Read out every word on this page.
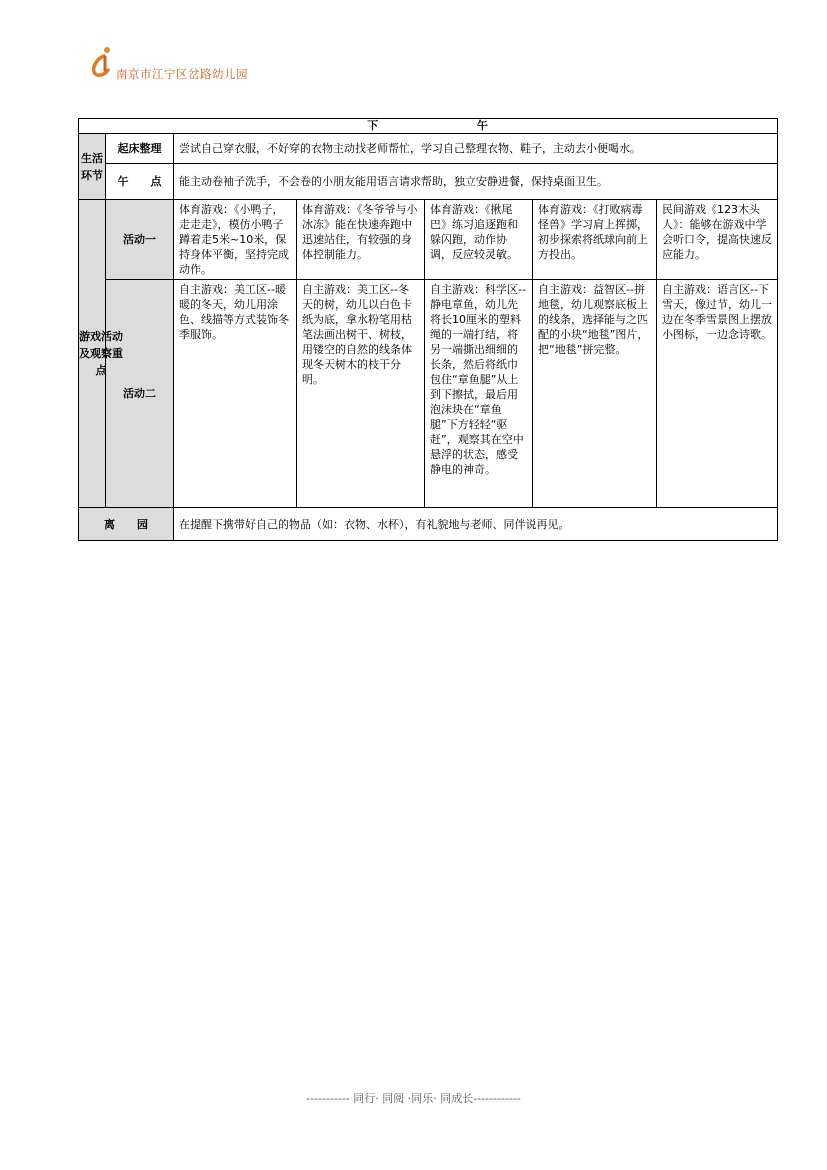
南京市江宁区岔路幼儿园
下 午						
生活环节	起床整理	尝试自己穿衣服，不好穿的衣物主动找老师帮忙，学习自己整理衣物、鞋子，主动去小便喝水。				
	午　　点	能主动卷袖子洗手，不会卷的小朋友能用语言请求帮助，独立安静进餐，保持桌面卫生。				

游戏活动及观察重点	活动一	体育游戏：《小鸭子，走走走》，模仿小鸭子蹲着走5米~10米，保持身体平衡，坚持完成动作。	体育游戏：《冬爷爷与小冰冻》能在快速奔跑中迅速站住，有较强的身体控制能力。	体育游戏：《揪尾巴》练习追逐跑和躲闪跑，动作协调，反应较灵敏。	体育游戏：《打败病毒怪兽》学习肩上挥掷，初步探索将纸球向前上方投出。	民间游戏《123木头人》：能够在游戏中学会听口令，提高快速反应能力。
	活动二	自主游戏：美工区--暖暖的冬天，幼儿用涂色、线描等方式装饰冬季服饰。	自主游戏：美工区--冬天的树，幼儿以白色卡纸为底，拿水粉笔用枯笔法画出树干、树枝，用镂空的自然的线条体现冬天树木的枝干分明。	自主游戏：科学区--静电章鱼，幼儿先将长10厘米的塑料绳的一端打结，将另一端撕出细细的长条，然后将纸巾包住“章鱼腿”从上到下擦拭，最后用泡沫块在“章鱼腿”下方轻轻“驱赶”，观察其在空中悬浮的状态，感受静电的神奇。	自主游戏：益智区--拼地毯，幼儿观察底板上的线条，选择能与之匹配的小块“地毯”图片，把“地毯”拼完整。	自主游戏：语言区--下雪天，像过节，幼儿一边在冬季雪景图上摆放小图标，一边念诗歌。
离　　园		在提醒下携带好自己的物品（如：衣物、水杯），有礼貌地与老师、同伴说再见。				
----------- 同行· 同阅 ·同乐· 同成长------------
